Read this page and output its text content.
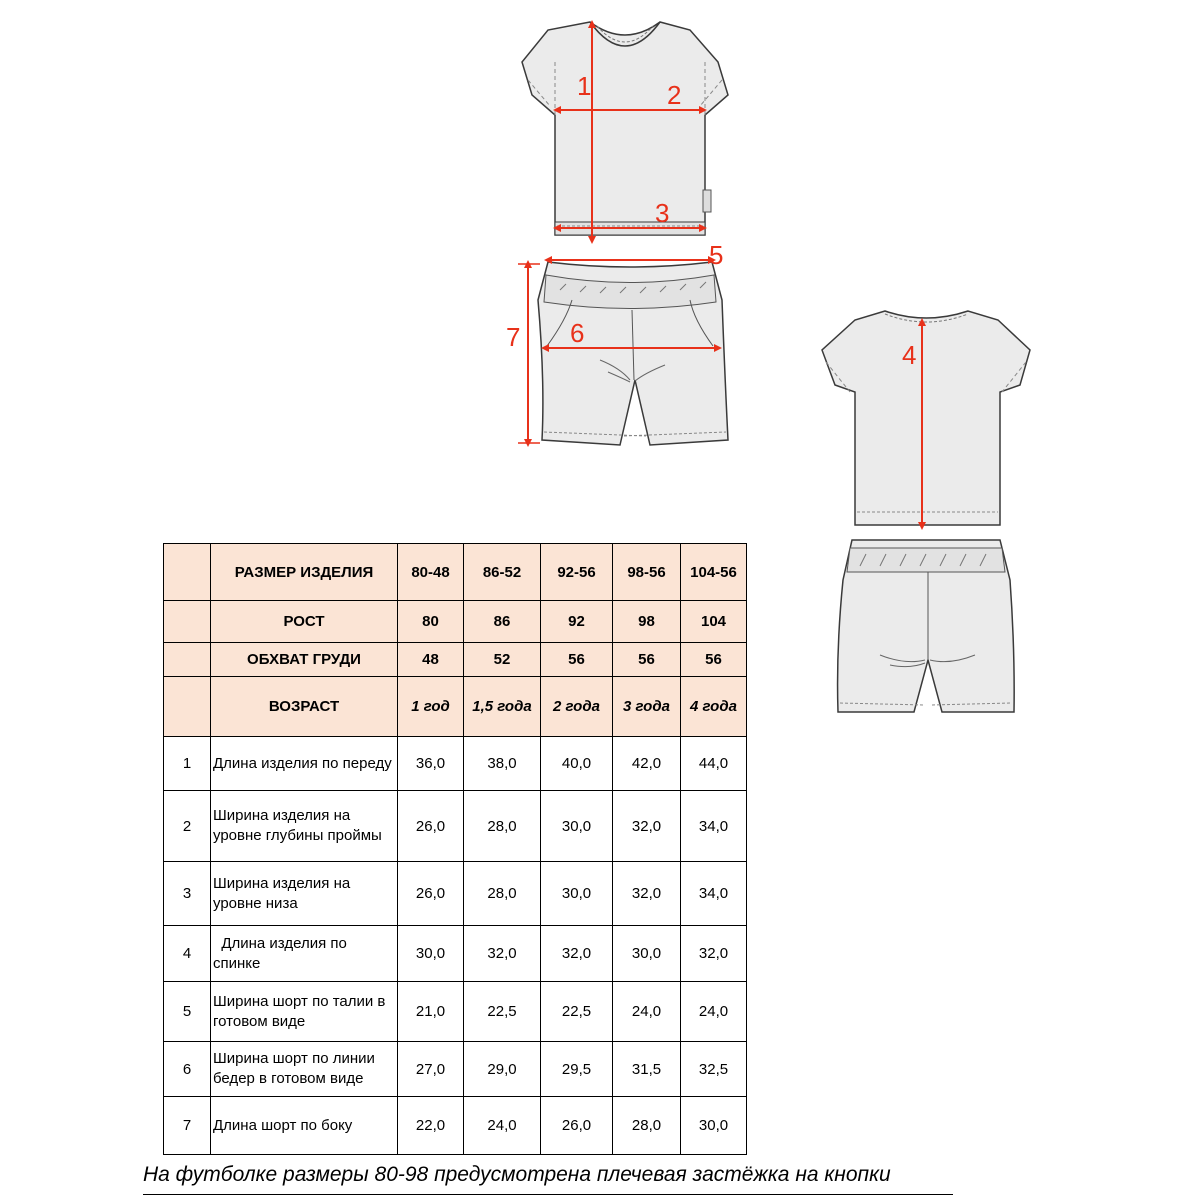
1	2
3
5
6
7
4
	РАЗМЕР ИЗДЕЛИЯ	80-48	86-52	92-56	98-56	104-56
	РОСТ	80	86	92	98	104
	ОБХВАТ ГРУДИ	48	52	56	56	56
	ВОЗРАСТ	1 год	1,5 года	2 года	3 года	4 года
1	Длина изделия по переду	36,0	38,0	40,0	42,0	44,0
2	Ширина изделия на уровне глубины проймы	26,0	28,0	30,0	32,0	34,0
3	Ширина изделия на уровне низа	26,0	28,0	30,0	32,0	34,0
4	Длина изделия по спинке	30,0	32,0	32,0	30,0	32,0
5	Ширина шорт по талии в готовом виде	21,0	22,5	22,5	24,0	24,0
6	Ширина шорт по линии бедер в готовом виде	27,0	29,0	29,5	31,5	32,5
7	Длина шорт по боку	22,0	24,0	26,0	28,0	30,0
На футболке размеры 80-98 предусмотрена плечевая застёжка на кнопки
